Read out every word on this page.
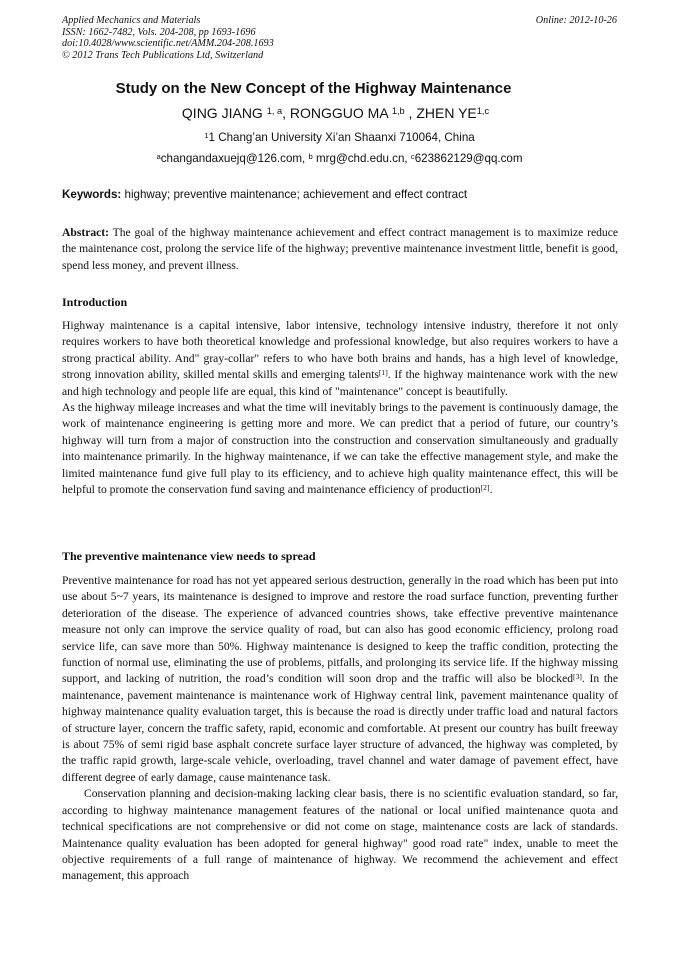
Applied Mechanics and Materials
ISSN: 1662-7482, Vols. 204-208, pp 1693-1696
doi:10.4028/www.scientific.net/AMM.204-208.1693
© 2012 Trans Tech Publications Ltd, Switzerland
Online: 2012-10-26
Study on the New Concept of the Highway Maintenance
QING JIANG $^{1, a}$, RONGGUO MA $^{1,b}$ , ZHEN YE$^{1,c}$
$^1$1 Chang’an University Xi’an Shaanxi 710064, China
$^a$changandaxuejq@126.com, $^b$ mrg@chd.edu.cn, $^c$623862129@qq.com
Keywords: highway; preventive maintenance; achievement and effect contract

Abstract: The goal of the highway maintenance achievement and effect contract management is to maximize reduce the maintenance cost, prolong the service life of the highway; preventive maintenance investment little, benefit is good, spend less money, and prevent illness.

Introduction

Highway maintenance is a capital intensive, labor intensive, technology intensive industry, therefore it not only requires workers to have both theoretical knowledge and professional knowledge, but also requires workers to have a strong practical ability. And" gray-collar" refers to who have both brains and hands, has a high level of knowledge, strong innovation ability, skilled mental skills and emerging talents[1]. If the highway maintenance work with the new and high technology and people life are equal, this kind of "maintenance" concept is beautifully.

As the highway mileage increases and what the time will inevitably brings to the pavement is continuously damage, the work of maintenance engineering is getting more and more. We can predict that a period of future, our country’s highway will turn from a major of construction into the construction and conservation simultaneously and gradually into maintenance primarily. In the highway maintenance, if we can take the effective management style, and make the limited maintenance fund give full play to its efficiency, and to achieve high quality maintenance effect, this will be helpful to promote the conservation fund saving and maintenance efficiency of production[2].

The preventive maintenance view needs to spread

Preventive maintenance for road has not yet appeared serious destruction, generally in the road which has been put into use about 5~7 years, its maintenance is designed to improve and restore the road surface function, preventing further deterioration of the disease. The experience of advanced countries shows, take effective preventive maintenance measure not only can improve the service quality of road, but can also has good economic efficiency, prolong road service life, can save more than 50%. Highway maintenance is designed to keep the traffic condition, protecting the function of normal use, eliminating the use of problems, pitfalls, and prolonging its service life. If the highway missing support, and lacking of nutrition, the road’s condition will soon drop and the traffic will also be blocked[3]. In the maintenance, pavement maintenance is maintenance work of Highway central link, pavement maintenance quality of highway maintenance quality evaluation target, this is because the road is directly under traffic load and natural factors of structure layer, concern the traffic safety, rapid, economic and comfortable. At present our country has built freeway is about 75% of semi rigid base asphalt concrete surface layer structure of advanced, the highway was completed, by the traffic rapid growth, large-scale vehicle, overloading, travel channel and water damage of pavement effect, have different degree of early damage, cause maintenance task.

Conservation planning and decision-making lacking clear basis, there is no scientific evaluation standard, so far, according to highway maintenance management features of the national or local unified maintenance quota and technical specifications are not comprehensive or did not come on stage, maintenance costs are lack of standards. Maintenance quality evaluation has been adopted for general highway" good road rate" index, unable to meet the objective requirements of a full range of maintenance of highway. We recommend the achievement and effect management, this approach
